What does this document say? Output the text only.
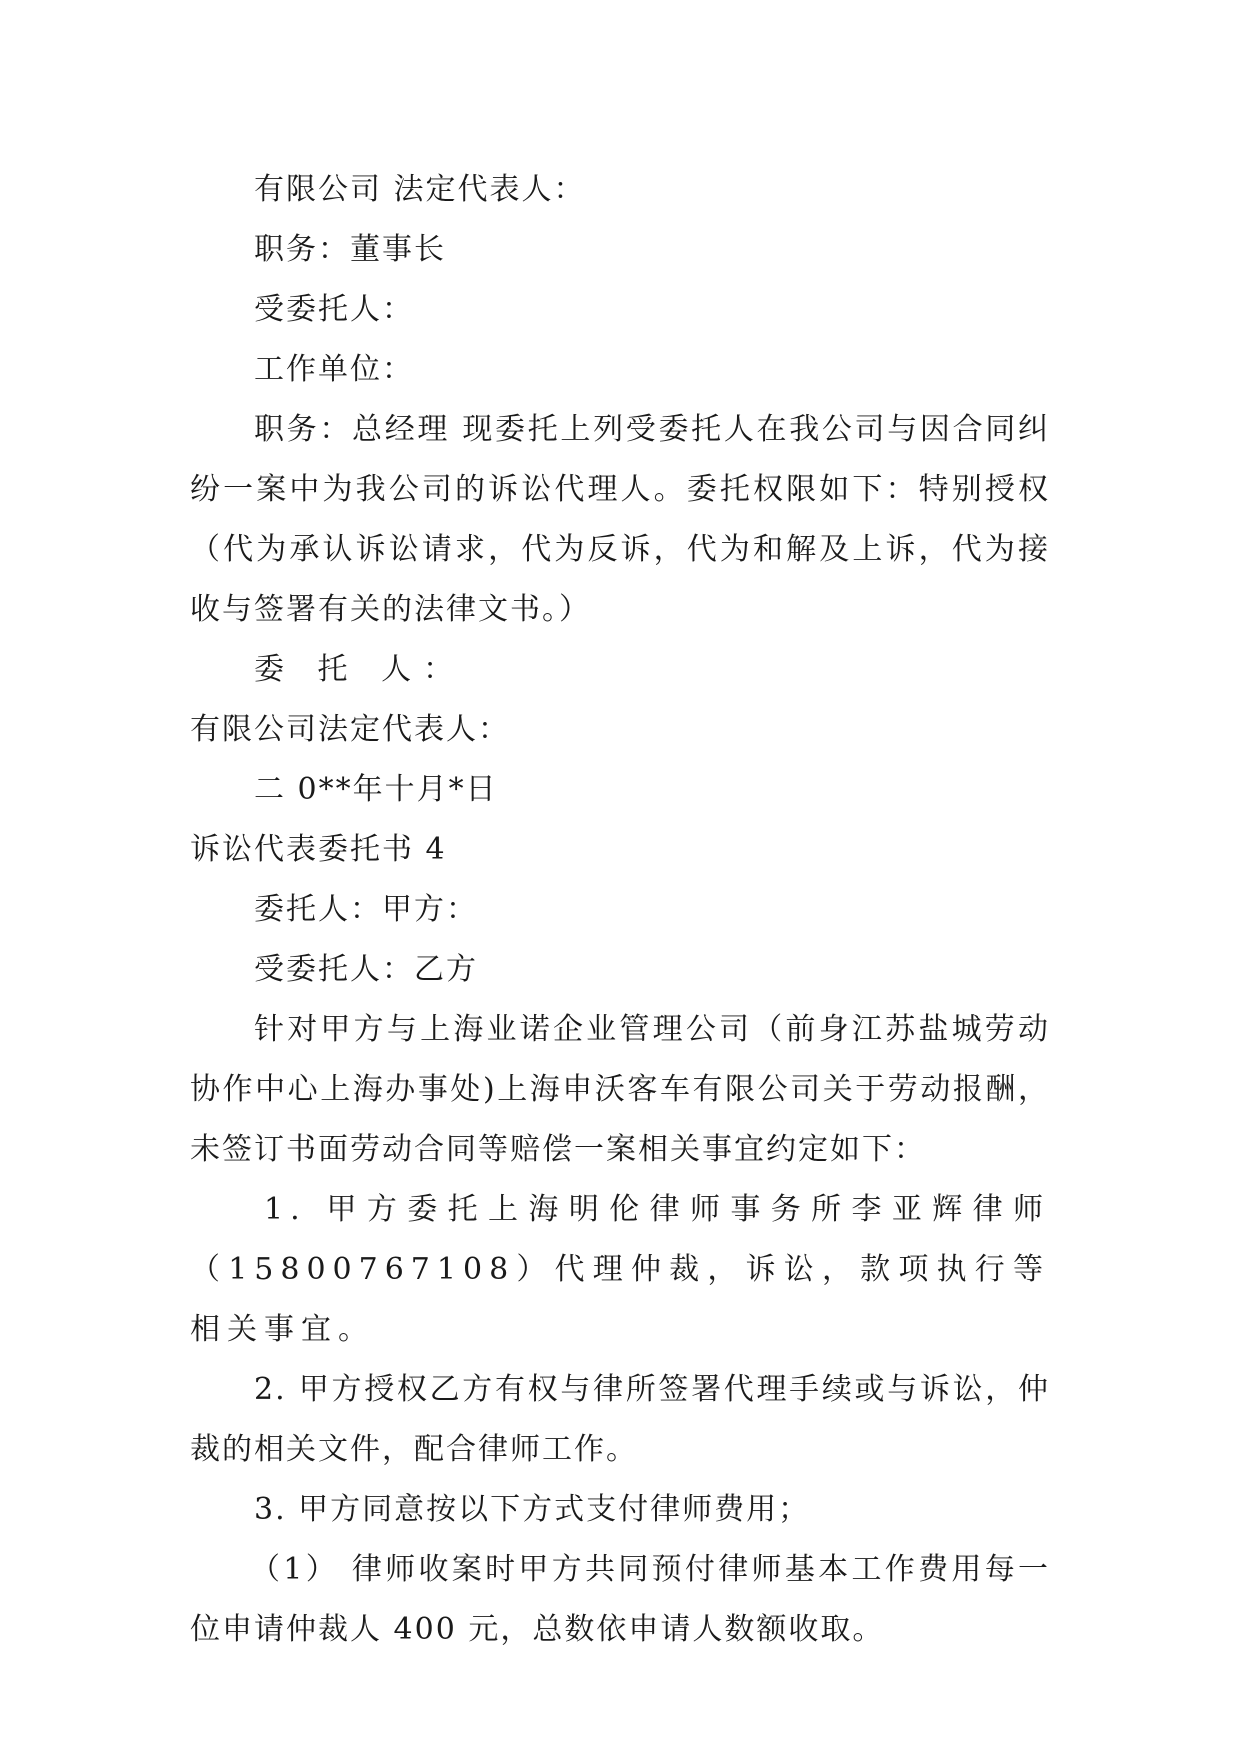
有限公司 法定代表人：

职务：董事长

受委托人：

工作单位：

职务：总经理 现委托上列受委托人在我公司与因合同纠纷一案中为我公司的诉讼代理人。委托权限如下：特别授权（代为承认诉讼请求，代为反诉，代为和解及上诉，代为接收与签署有关的法律文书。）

委 托 人：

有限公司法定代表人：

二 0**年十月*日

诉讼代表委托书 4

委托人：甲方：

受委托人：乙方

针对甲方与上海业诺企业管理公司（前身江苏盐城劳动协作中心上海办事处)上海申沃客车有限公司关于劳动报酬，未签订书面劳动合同等赔偿一案相关事宜约定如下：

1. 甲方委托上海明伦律师事务所李亚辉律师（15800767108）代理仲裁，诉讼，款项执行等相关事宜。

2. 甲方授权乙方有权与律所签署代理手续或与诉讼，仲裁的相关文件，配合律师工作。

3. 甲方同意按以下方式支付律师费用；

（1） 律师收案时甲方共同预付律师基本工作费用每一位申请仲裁人 400 元，总数依申请人数额收取。
